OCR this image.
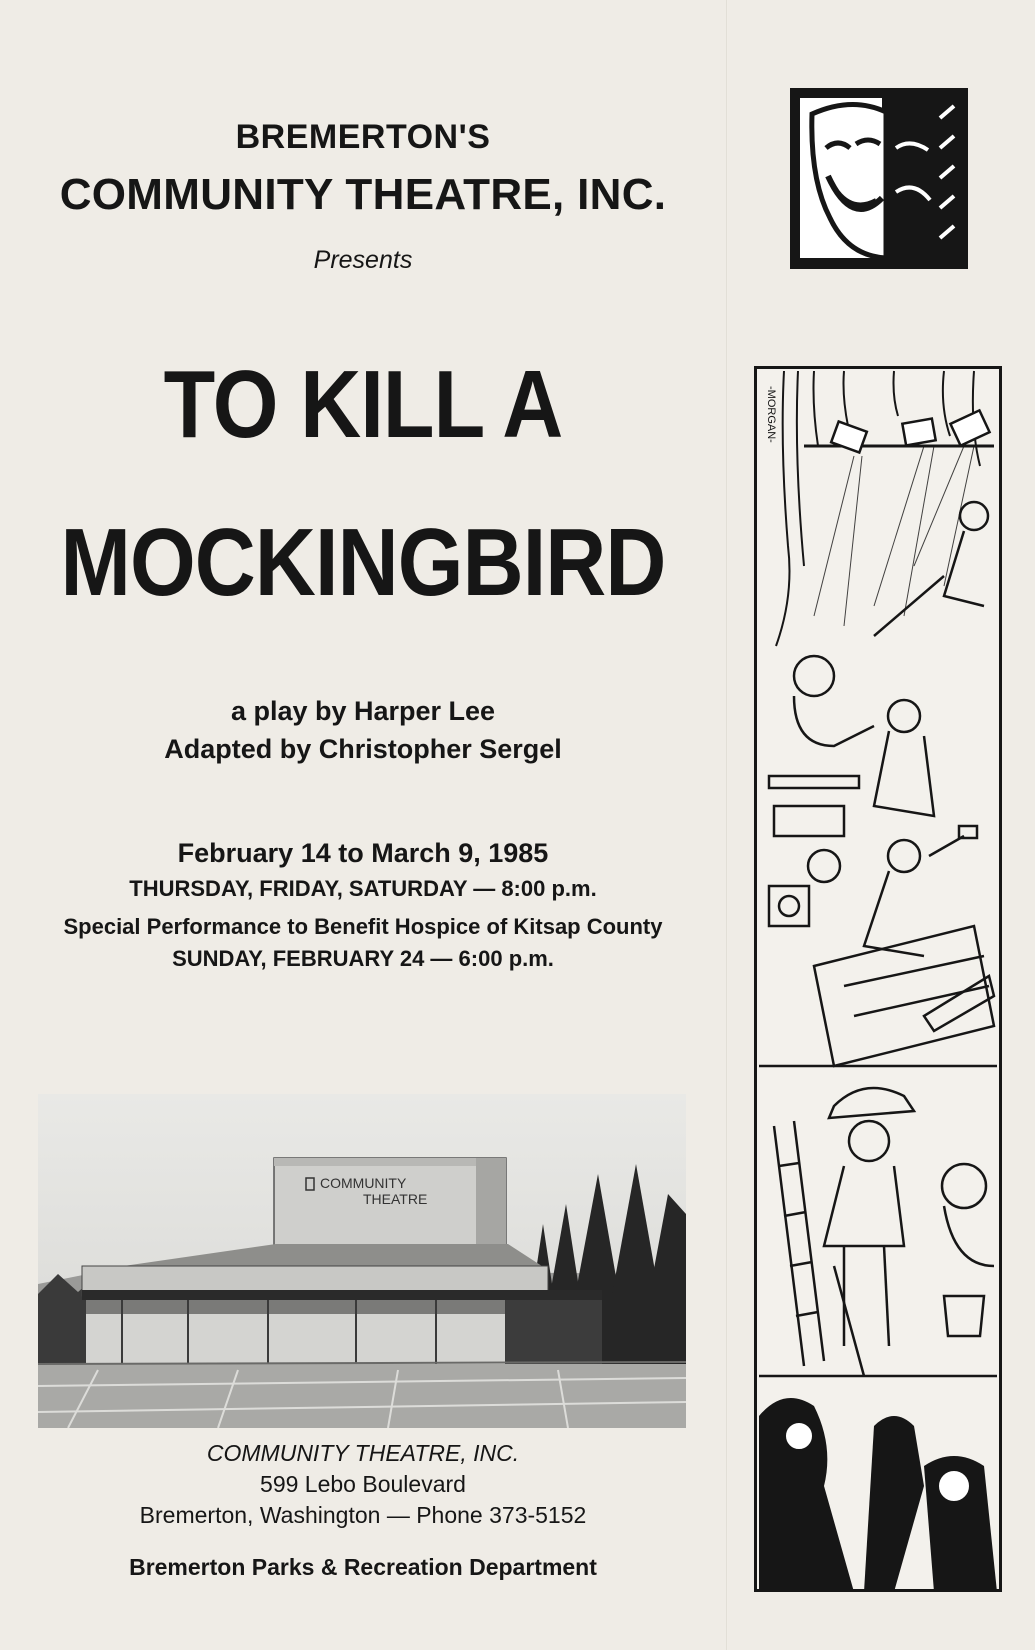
BREMERTON'S
COMMUNITY THEATRE, INC.
Presents
TO KILL A
MOCKINGBIRD
a play by Harper Lee
Adapted by Christopher Sergel
February 14 to March 9, 1985
THURSDAY, FRIDAY, SATURDAY — 8:00 p.m.
Special Performance to Benefit Hospice of Kitsap County
SUNDAY, FEBRUARY 24 — 6:00 p.m.
COMMUNITY
THEATRE
COMMUNITY THEATRE, INC.
599 Lebo Boulevard
Bremerton, Washington — Phone 373-5152
Bremerton Parks & Recreation Department
-MORGAN-
